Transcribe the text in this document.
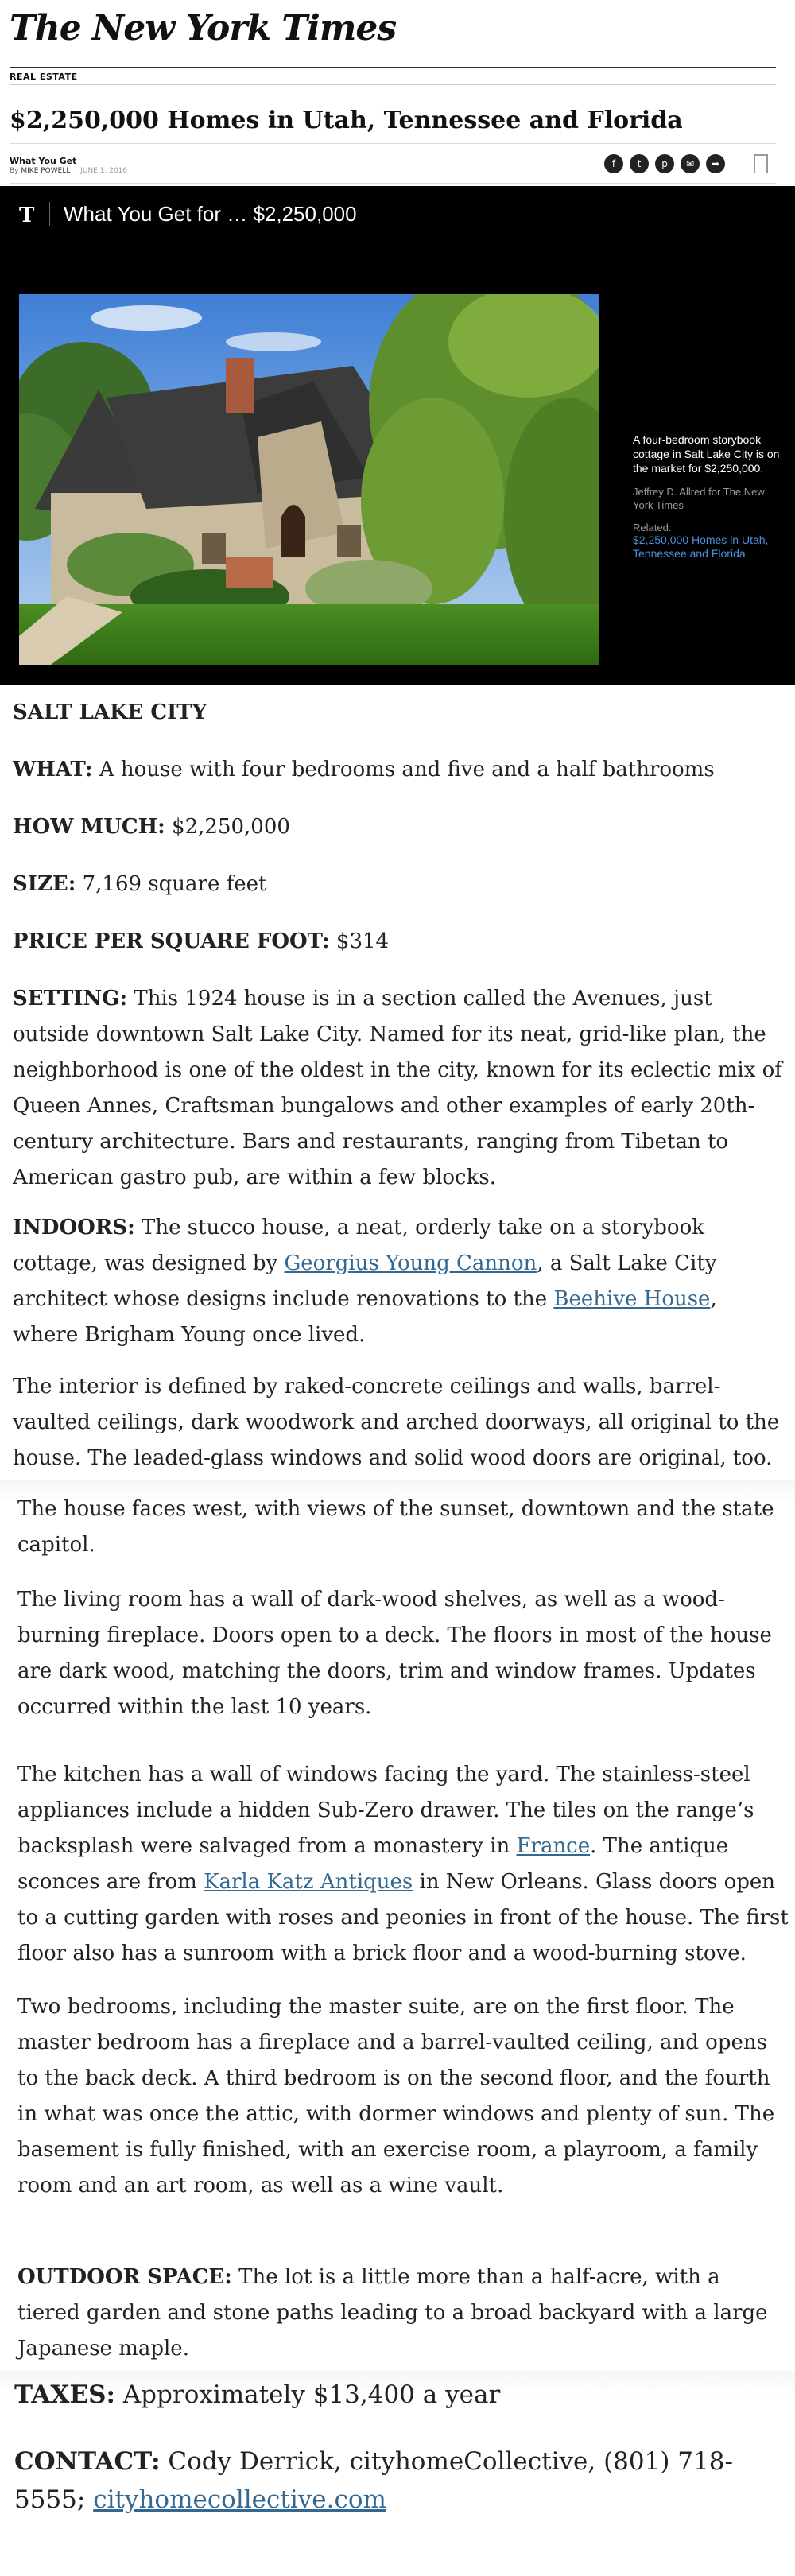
The New York Times
REAL ESTATE
$2,250,000 Homes in Utah, Tennessee and Florida
What You Get
By MIKE POWELL JUNE 1, 2016
f	t	p	✉	➦
T What You Get for … $2,250,000
A four-bedroom storybook cottage in Salt Lake City is on the market for $2,250,000.
Jeffrey D. Allred for The New York Times
Related:
$2,250,000 Homes in Utah, Tennessee and Florida
SALT LAKE CITY
WHAT: A house with four bedrooms and five and a half bathrooms
HOW MUCH: $2,250,000
SIZE: 7,169 square feet
PRICE PER SQUARE FOOT: $314
SETTING: This 1924 house is in a section called the Avenues, just outside downtown Salt Lake City. Named for its neat, grid-like plan, the neighborhood is one of the oldest in the city, known for its eclectic mix of Queen Annes, Craftsman bungalows and other examples of early 20th-century architecture. Bars and restaurants, ranging from Tibetan to American gastro pub, are within a few blocks.
INDOORS: The stucco house, a neat, orderly take on a storybook cottage, was designed by Georgius Young Cannon, a Salt Lake City architect whose designs include renovations to the Beehive House, where Brigham Young once lived.
The interior is defined by raked-concrete ceilings and walls, barrel-vaulted ceilings, dark woodwork and arched doorways, all original to the house. The leaded-glass windows and solid wood doors are original, too.
The house faces west, with views of the sunset, downtown and the state capitol.
The living room has a wall of dark-wood shelves, as well as a wood-burning fireplace. Doors open to a deck. The floors in most of the house are dark wood, matching the doors, trim and window frames. Updates occurred within the last 10 years.
The kitchen has a wall of windows facing the yard. The stainless-steel appliances include a hidden Sub-Zero drawer. The tiles on the range’s backsplash were salvaged from a monastery in France. The antique sconces are from Karla Katz Antiques in New Orleans. Glass doors open to a cutting garden with roses and peonies in front of the house. The first floor also has a sunroom with a brick floor and a wood-burning stove.
Two bedrooms, including the master suite, are on the first floor. The master bedroom has a fireplace and a barrel-vaulted ceiling, and opens to the back deck. A third bedroom is on the second floor, and the fourth in what was once the attic, with dormer windows and plenty of sun. The basement is fully finished, with an exercise room, a playroom, a family room and an art room, as well as a wine vault.
OUTDOOR SPACE: The lot is a little more than a half-acre, with a tiered garden and stone paths leading to a broad backyard with a large Japanese maple.
TAXES: Approximately $13,400 a year
CONTACT: Cody Derrick, cityhomeCollective, (801) 718-5555; cityhomecollective.com
